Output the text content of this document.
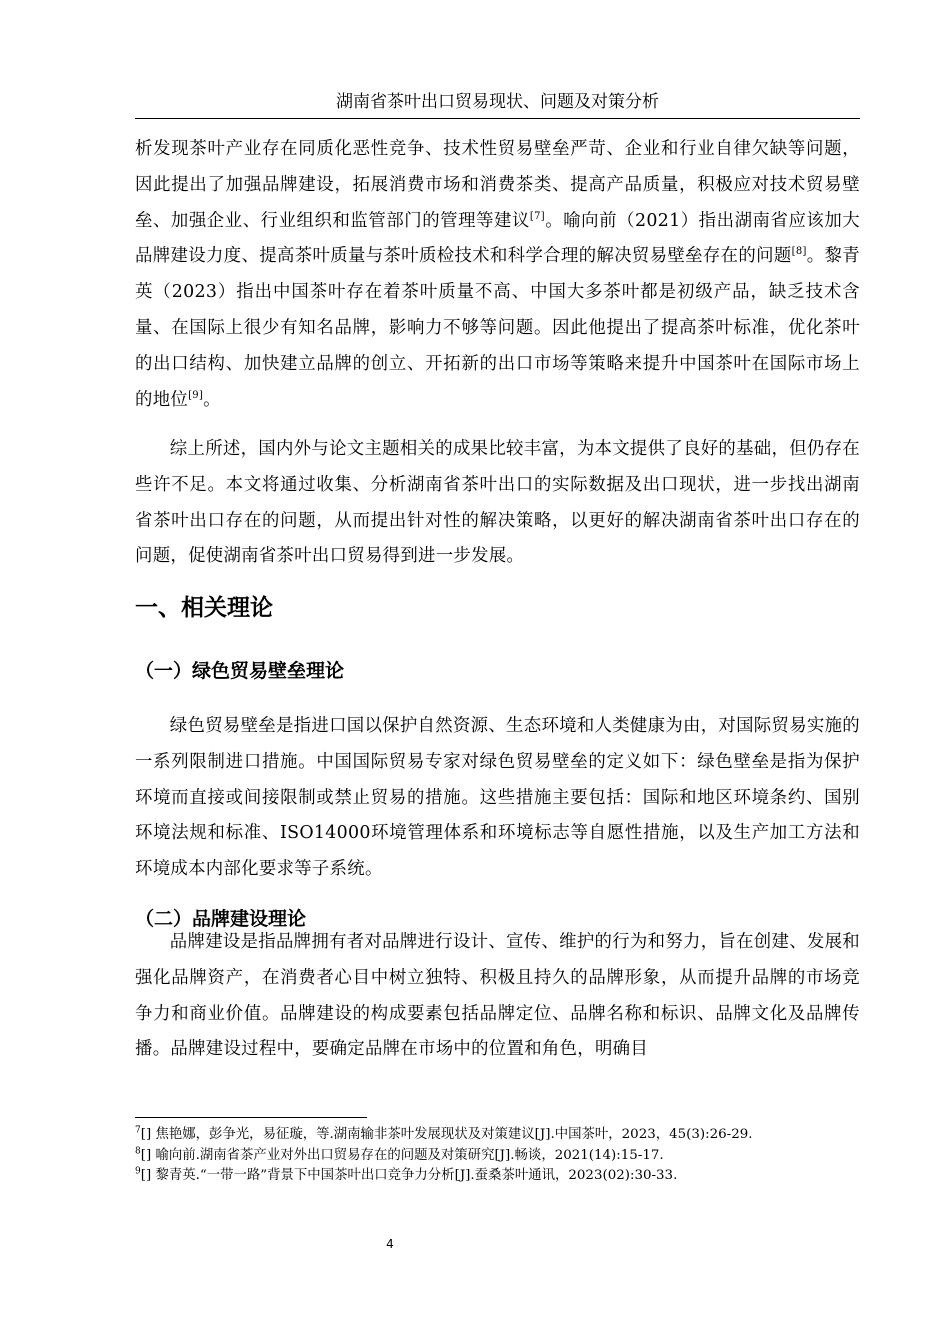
湖南省茶叶出口贸易现状、问题及对策分析
析发现茶叶产业存在同质化恶性竞争、技术性贸易壁垒严苛、企业和行业自律欠缺等问题，因此提出了加强品牌建设，拓展消费市场和消费茶类、提高产品质量，积极应对技术贸易壁垒、加强企业、行业组织和监管部门的管理等建议[7]。喻向前（2021）指出湖南省应该加大品牌建设力度、提高茶叶质量与茶叶质检技术和科学合理的解决贸易壁垒存在的问题[8]。黎青英（2023）指出中国茶叶存在着茶叶质量不高、中国大多茶叶都是初级产品，缺乏技术含量、在国际上很少有知名品牌，影响力不够等问题。因此他提出了提高茶叶标准，优化茶叶的出口结构、加快建立品牌的创立、开拓新的出口市场等策略来提升中国茶叶在国际市场上的地位[9]。
综上所述，国内外与论文主题相关的成果比较丰富，为本文提供了良好的基础，但仍存在些许不足。本文将通过收集、分析湖南省茶叶出口的实际数据及出口现状，进一步找出湖南省茶叶出口存在的问题，从而提出针对性的解决策略，以更好的解决湖南省茶叶出口存在的问题，促使湖南省茶叶出口贸易得到进一步发展。
一、相关理论
（一）绿色贸易壁垒理论
绿色贸易壁垒是指进口国以保护自然资源、生态环境和人类健康为由，对国际贸易实施的一系列限制进口措施。中国国际贸易专家对绿色贸易壁垒的定义如下：绿色壁垒是指为保护环境而直接或间接限制或禁止贸易的措施。这些措施主要包括：国际和地区环境条约、国别环境法规和标准、ISO14000环境管理体系和环境标志等自愿性措施，以及生产加工方法和环境成本内部化要求等子系统。
（二）品牌建设理论
品牌建设是指品牌拥有者对品牌进行设计、宣传、维护的行为和努力，旨在创建、发展和强化品牌资产，在消费者心目中树立独特、积极且持久的品牌形象，从而提升品牌的市场竞争力和商业价值。品牌建设的构成要素包括品牌定位、品牌名称和标识、品牌文化及品牌传播。品牌建设过程中，要确定品牌在市场中的位置和角色，明确目

$^7$[] 焦艳娜，彭争光，易征璇，等.湖南输非茶叶发展现状及对策建议[J].中国茶叶，2023，45(3):26-29.

$^8$[] 喻向前.湖南省茶产业对外出口贸易存在的问题及对策研究[J].畅谈，2021(14):15-17.

$^9$[] 黎青英.“一带一路”背景下中国茶叶出口竞争力分析[J].蚕桑茶叶通讯，2023(02):30-33.

4
